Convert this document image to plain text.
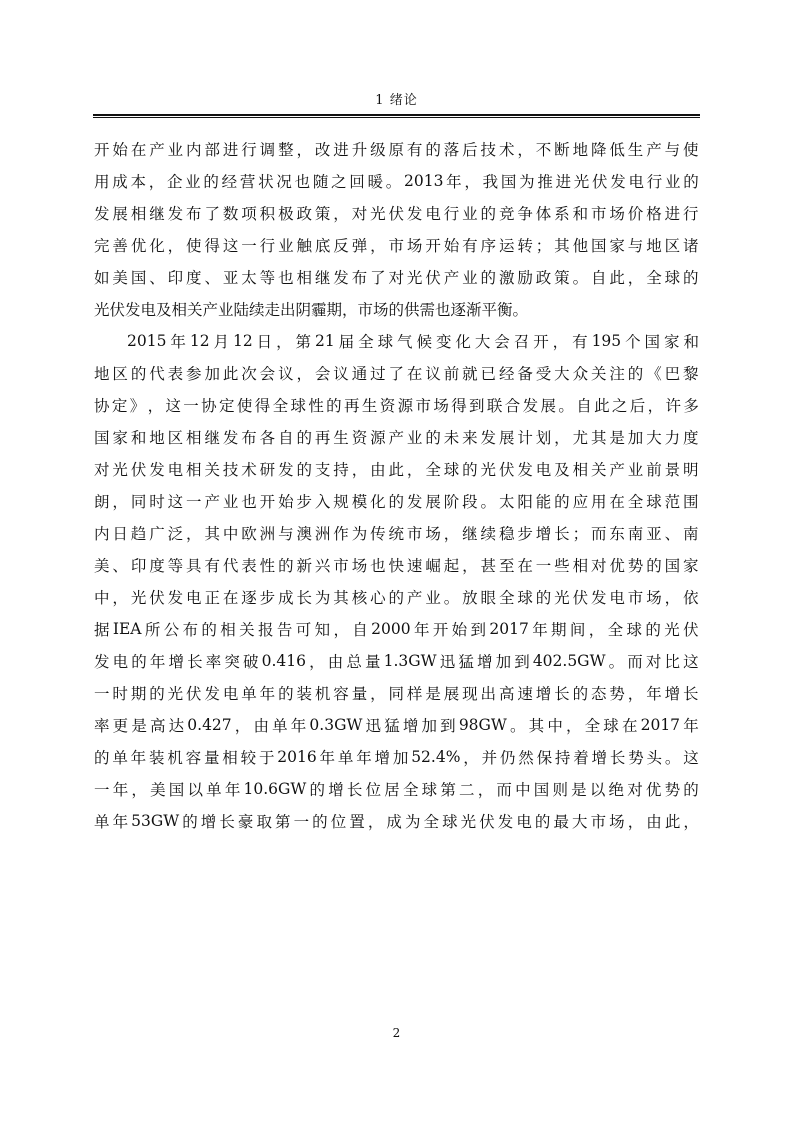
1 绪论
开 始 在 产 业 内 部 进 行 调 整 ， 改 进 升 级 原 有 的 落 后 技 术 ， 不 断 地 降 低 生 产 与 使
用 成 本 ， 企 业 的 经 营 状 况 也 随 之 回 暖 。 2013 年 ， 我 国 为 推 进 光 伏 发 电 行 业 的
发 展 相 继 发 布 了 数 项 积 极 政 策 ， 对 光 伏 发 电 行 业 的 竞 争 体 系 和 市 场 价 格 进 行
完 善 优 化 ， 使 得 这 一 行 业 触 底 反 弹 ， 市 场 开 始 有 序 运 转 ； 其 他 国 家 与 地 区 诸
如 美 国 、 印 度 、 亚 太 等 也 相 继 发 布 了 对 光 伏 产 业 的 激 励 政 策 。 自 此 ， 全 球 的
光伏发电及相关产业陆续走出阴霾期，市场的供需也逐渐平衡。
2015 年 12 月 12 日 ， 第 21 届 全 球 气 候 变 化 大 会 召 开 ， 有 195 个 国 家 和
地 区 的 代 表 参 加 此 次 会 议 ， 会 议 通 过 了 在 议 前 就 已 经 备 受 大 众 关 注 的 《 巴 黎
协 定 》 ， 这 一 协 定 使 得 全 球 性 的 再 生 资 源 市 场 得 到 联 合 发 展 。 自 此 之 后 ， 许 多
国 家 和 地 区 相 继 发 布 各 自 的 再 生 资 源 产 业 的 未 来 发 展 计 划 ， 尤 其 是 加 大 力 度
对 光 伏 发 电 相 关 技 术 研 发 的 支 持 ， 由 此 ， 全 球 的 光 伏 发 电 及 相 关 产 业 前 景 明
朗 ， 同 时 这 一 产 业 也 开 始 步 入 规 模 化 的 发 展 阶 段 。 太 阳 能 的 应 用 在 全 球 范 围
内 日 趋 广 泛 ， 其 中 欧 洲 与 澳 洲 作 为 传 统 市 场 ， 继 续 稳 步 增 长 ； 而 东 南 亚 、 南
美 、 印 度 等 具 有 代 表 性 的 新 兴 市 场 也 快 速 崛 起 ， 甚 至 在 一 些 相 对 优 势 的 国 家
中 ， 光 伏 发 电 正 在 逐 步 成 长 为 其 核 心 的 产 业 。 放 眼 全 球 的 光 伏 发 电 市 场 ， 依
据 IEA 所 公 布 的 相 关 报 告 可 知 ， 自 2000 年 开 始 到 2017 年 期 间 ， 全 球 的 光 伏
发 电 的 年 增 长 率 突 破 0.416 ， 由 总 量 1.3GW 迅 猛 增 加 到 402.5GW 。 而 对 比 这
一 时 期 的 光 伏 发 电 单 年 的 装 机 容 量 ， 同 样 是 展 现 出 高 速 增 长 的 态 势 ， 年 增 长
率 更 是 高 达 0.427 ， 由 单 年 0.3GW 迅 猛 增 加 到 98GW 。 其 中 ， 全 球 在 2017 年
的 单 年 装 机 容 量 相 较 于 2016 年 单 年 增 加 52.4% ， 并 仍 然 保 持 着 增 长 势 头 。 这
一 年 ， 美 国 以 单 年 10.6GW 的 增 长 位 居 全 球 第 二 ， 而 中 国 则 是 以 绝 对 优 势 的
单 年 53GW 的 增 长 豪 取 第 一 的 位 置 ， 成 为 全 球 光 伏 发 电 的 最 大 市 场 ， 由 此 ，
2
